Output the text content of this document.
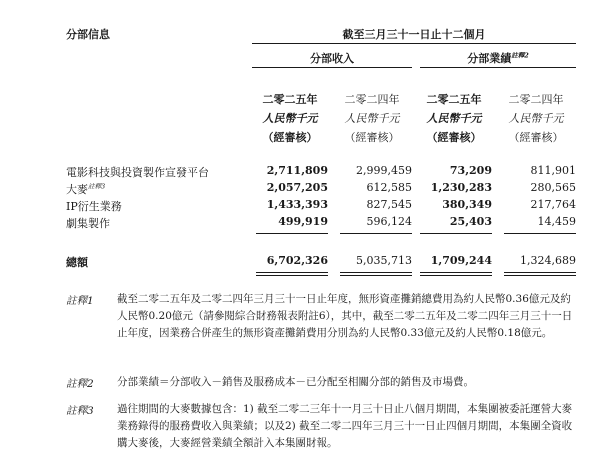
分部信息	截至三月三十一日止十二個月
分部收入	分部業績$^{註釋2}$
二零二五年	二零二四年	二零二五年	二零二四年
人民幣千元	人民幣千元	人民幣千元	人民幣千元
（經審核）	（經審核）	（經審核）	（經審核）
電影科技與投資製作宣發平台	2,711,809	2,999,459	73,209	811,901
大麥$^{註釋3}$	2,057,205	612,585	1,230,283	280,565
IP衍生業務	1,433,393	827,545	380,349	217,764
劇集製作	499,919	596,124	25,403	14,459
總額	6,702,326	5,035,713	1,709,244	1,324,689
註釋1 截至二零二五年及二零二四年三月三十一日止年度，無形資產攤銷總費用為約人民幣0.36億元及約人民幣0.20億元（請參閱綜合財務報表附註6），其中，截至二零二五年及二零二四年三月三十一日止年度，因業務合併產生的無形資產攤銷費用分別為約人民幣0.33億元及約人民幣0.18億元。
註釋2 分部業績＝分部收入－銷售及服務成本－已分配至相關分部的銷售及市場費。
註釋3 過往期間的大麥數據包含：1) 截至二零二三年十一月三十日止八個月期間，本集團被委託運營大麥業務錄得的服務費收入與業績；以及2) 截至二零二四年三月三十一日止四個月期間，本集團全資收購大麥後，大麥經營業績全額計入本集團財報。
